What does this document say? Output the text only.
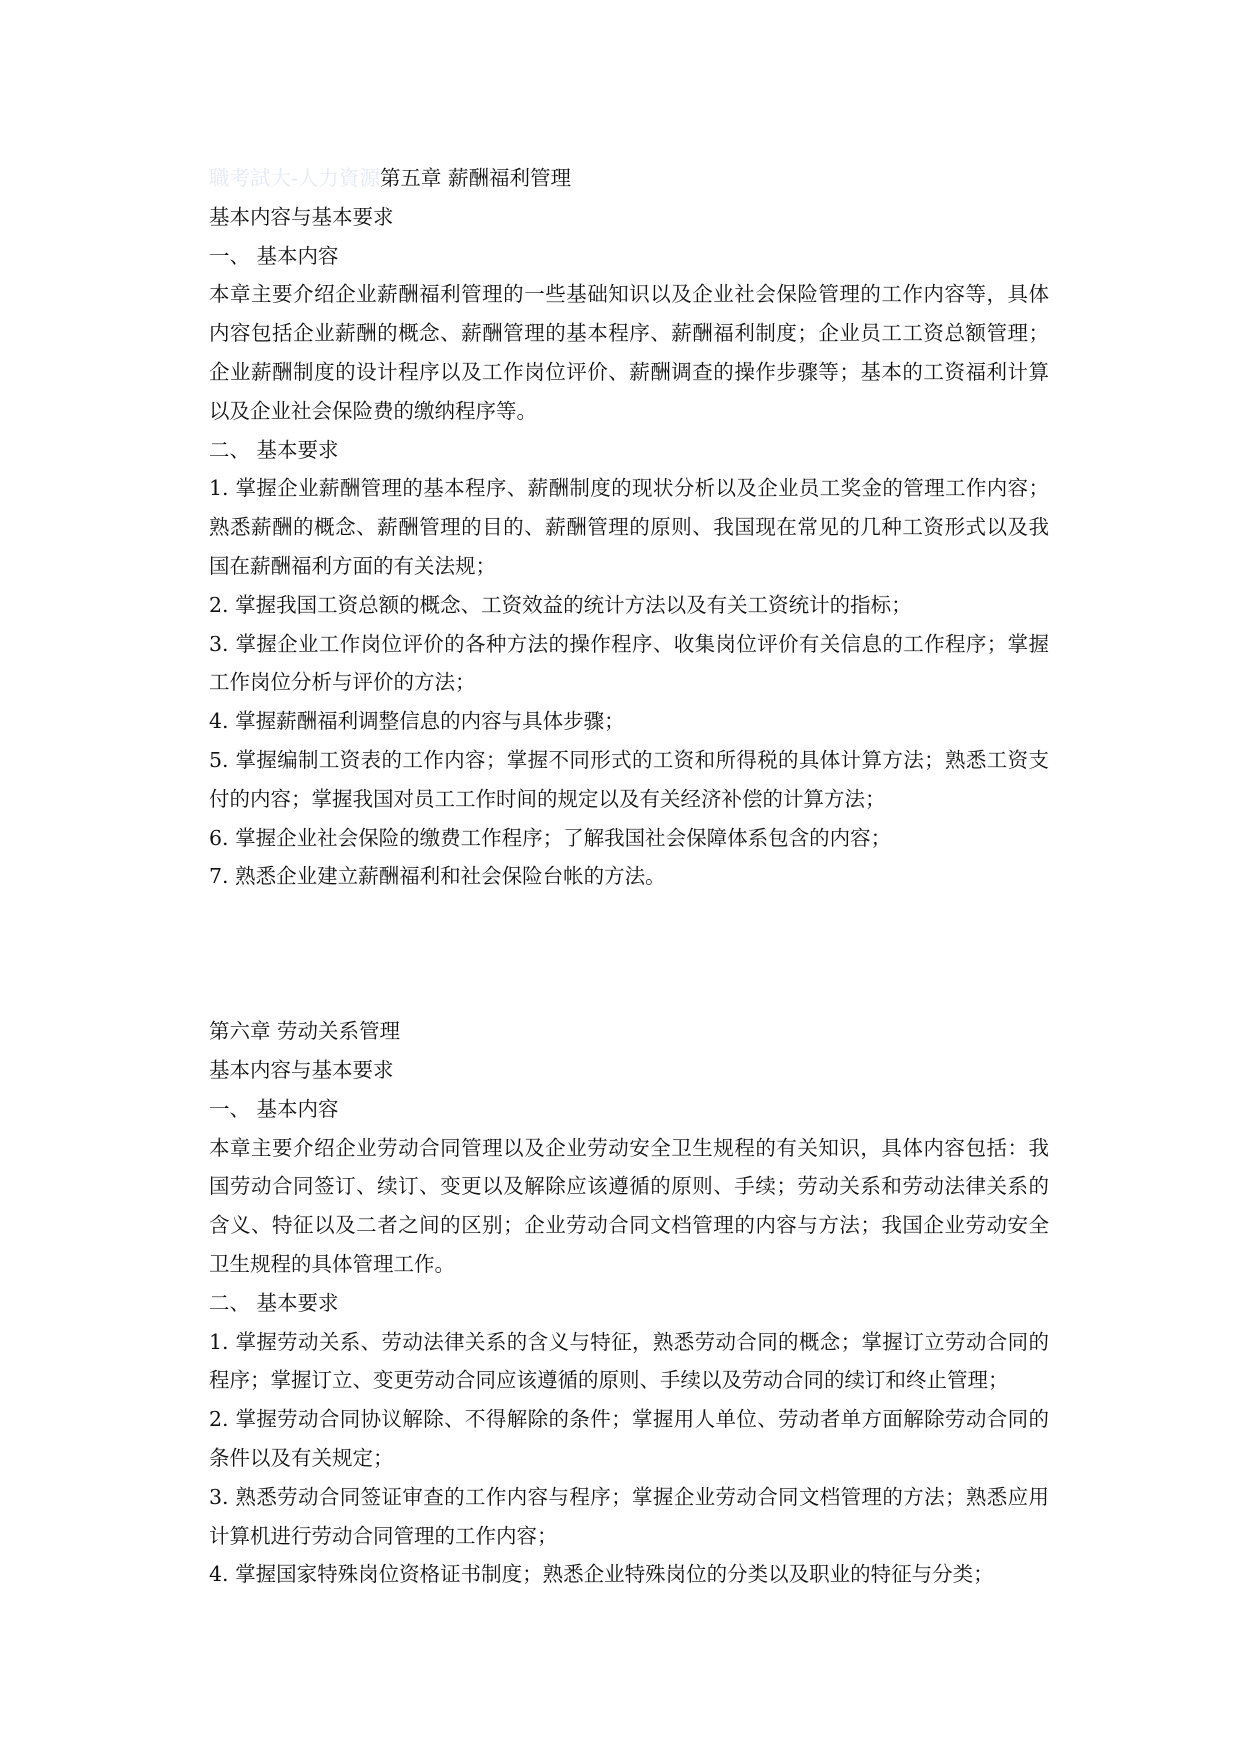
職考試大-人力資源第五章 薪酬福利管理

基本内容与基本要求

一、 基本内容

本章主要介绍企业薪酬福利管理的一些基础知识以及企业社会保险管理的工作内容等，具体内容包括企业薪酬的概念、薪酬管理的基本程序、薪酬福利制度；企业员工工资总额管理；企业薪酬制度的设计程序以及工作岗位评价、薪酬调查的操作步骤等；基本的工资福利计算以及企业社会保险费的缴纳程序等。

二、 基本要求

1. 掌握企业薪酬管理的基本程序、薪酬制度的现状分析以及企业员工奖金的管理工作内容；熟悉薪酬的概念、薪酬管理的目的、薪酬管理的原则、我国现在常见的几种工资形式以及我国在薪酬福利方面的有关法规；

2. 掌握我国工资总额的概念、工资效益的统计方法以及有关工资统计的指标；

3. 掌握企业工作岗位评价的各种方法的操作程序、收集岗位评价有关信息的工作程序；掌握工作岗位分析与评价的方法；

4. 掌握薪酬福利调整信息的内容与具体步骤；

5. 掌握编制工资表的工作内容；掌握不同形式的工资和所得税的具体计算方法；熟悉工资支付的内容；掌握我国对员工工作时间的规定以及有关经济补偿的计算方法；

6. 掌握企业社会保险的缴费工作程序；了解我国社会保障体系包含的内容；

7. 熟悉企业建立薪酬福利和社会保险台帐的方法。

第六章 劳动关系管理

基本内容与基本要求

一、 基本内容

本章主要介绍企业劳动合同管理以及企业劳动安全卫生规程的有关知识，具体内容包括：我国劳动合同签订、续订、变更以及解除应该遵循的原则、手续；劳动关系和劳动法律关系的含义、特征以及二者之间的区别；企业劳动合同文档管理的内容与方法；我国企业劳动安全卫生规程的具体管理工作。

二、 基本要求

1. 掌握劳动关系、劳动法律关系的含义与特征，熟悉劳动合同的概念；掌握订立劳动合同的程序；掌握订立、变更劳动合同应该遵循的原则、手续以及劳动合同的续订和终止管理；

2. 掌握劳动合同协议解除、不得解除的条件；掌握用人单位、劳动者单方面解除劳动合同的条件以及有关规定；

3. 熟悉劳动合同签证审查的工作内容与程序；掌握企业劳动合同文档管理的方法；熟悉应用计算机进行劳动合同管理的工作内容；

4. 掌握国家特殊岗位资格证书制度；熟悉企业特殊岗位的分类以及职业的特征与分类；
